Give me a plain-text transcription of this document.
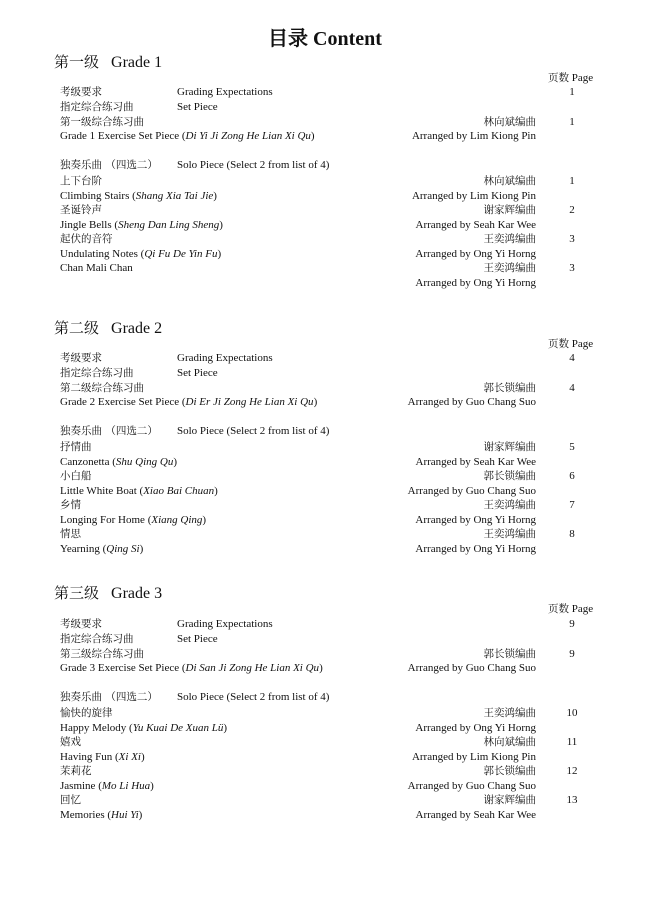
目录 Content
第一级 Grade 1
页数 Page
考级要求	Grading Expectations	1
指定综合练习曲	Set Piece
第一级综合练习曲	林向斌编曲	1
Grade 1 Exercise Set Piece (Di Yi Ji Zong He Lian Xi Qu)	Arranged by Lim Kiong Pin
独奏乐曲 （四选二） Solo Piece (Select 2 from list of 4)
上下台阶	林向斌编曲	1
Climbing Stairs (Shang Xia Tai Jie)	Arranged by Lim Kiong Pin
圣诞铃声	谢家辉编曲	2
Jingle Bells (Sheng Dan Ling Sheng)	Arranged by Seah Kar Wee
起伏的音符	王奕鸿编曲	3
Undulating Notes (Qi Fu De Yin Fu)	Arranged by Ong Yi Horng
Chan Mali Chan	王奕鸿编曲	3
Arranged by Ong Yi Horng
第二级 Grade 2
页数 Page
考级要求	Grading Expectations	4
指定综合练习曲	Set Piece
第二级综合练习曲	郭长锁编曲	4
Grade 2 Exercise Set Piece (Di Er Ji Zong He Lian Xi Qu)	Arranged by Guo Chang Suo
独奏乐曲 （四选二） Solo Piece (Select 2 from list of 4)
抒情曲	谢家辉编曲	5
Canzonetta (Shu Qing Qu)	Arranged by Seah Kar Wee
小白船	郭长锁编曲	6
Little White Boat (Xiao Bai Chuan)	Arranged by Guo Chang Suo
乡情	王奕鸿编曲	7
Longing For Home (Xiang Qing)	Arranged by Ong Yi Horng
情思	王奕鸿编曲	8
Yearning (Qing Si)	Arranged by Ong Yi Horng
第三级 Grade 3
页数 Page
考级要求	Grading Expectations	9
指定综合练习曲	Set Piece
第三级综合练习曲	郭长锁编曲	9
Grade 3 Exercise Set Piece (Di San Ji Zong He Lian Xi Qu)	Arranged by Guo Chang Suo
独奏乐曲 （四选二） Solo Piece (Select 2 from list of 4)
愉快的旋律	王奕鸿编曲	10
Happy Melody (Yu Kuai De Xuan Lü)	Arranged by Ong Yi Horng
嬉戏	林向斌编曲	11
Having Fun (Xi Xi)	Arranged by Lim Kiong Pin
茉莉花	郭长锁编曲	12
Jasmine (Mo Li Hua)	Arranged by Guo Chang Suo
回忆	谢家辉编曲	13
Memories (Hui Yi)	Arranged by Seah Kar Wee
